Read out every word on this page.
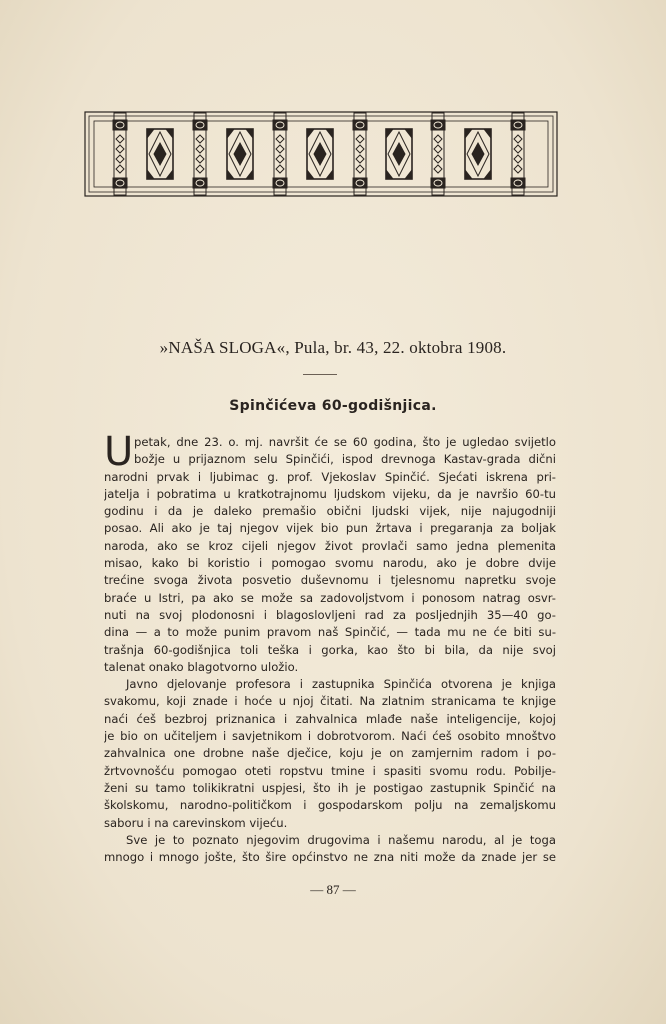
»NAŠA SLOGA«, Pula, br. 43, 22. oktobra 1908.
Spinčićeva 60-godišnjica.
U petak, dne 23. o. mj. navršit će se 60 godina, što je ugledao svijetlo
božje u prijaznom selu Spinčići, ispod drevnoga Kastav-grada dični
narodni prvak i ljubimac g. prof. Vjekoslav Spinčić. Sjećati iskrena pri-
jatelja i pobratima u kratkotrajnomu ljudskom vijeku, da je navršio 60-tu
godinu i da je daleko premašio obični ljudski vijek, nije najugodniji
posao. Ali ako je taj njegov vijek bio pun žrtava i pregaranja za boljak
naroda, ako se kroz cijeli njegov život provlači samo jedna plemenita
misao, kako bi koristio i pomogao svomu narodu, ako je dobre dvije
trećine svoga života posvetio duševnomu i tjelesnomu napretku svoje
braće u Istri, pa ako se može sa zadovoljstvom i ponosom natrag osvr-
nuti na svoj plodonosni i blagoslovljeni rad za posljednjih 35—40 go-
dina — a to može punim pravom naš Spinčić, — tada mu ne će biti su-
trašnja 60-godišnjica toli teška i gorka, kao što bi bila, da nije svoj
talenat onako blagotvorno uložio.
Javno djelovanje profesora i zastupnika Spinčića otvorena je knjiga
svakomu, koji znade i hoće u njoj čitati. Na zlatnim stranicama te knjige
naći ćeš bezbroj priznanica i zahvalnica mlađe naše inteligencije, kojoj
je bio on učiteljem i savjetnikom i dobrotvorom. Naći ćeš osobito mnoštvo
zahvalnica one drobne naše dječice, koju je on zamjernim radom i po-
žrtvovnošću pomogao oteti ropstvu tmine i spasiti svomu rodu. Pobilje-
ženi su tamo tolikikratni uspjesi, što ih je postigao zastupnik Spinčić na
školskomu, narodno-političkom i gospodarskom polju na zemaljskomu
saboru i na carevinskom vijeću.
Sve je to poznato njegovim drugovima i našemu narodu, al je toga
mnogo i mnogo jošte, što šire općinstvo ne zna niti može da znade jer se
— 87 —
